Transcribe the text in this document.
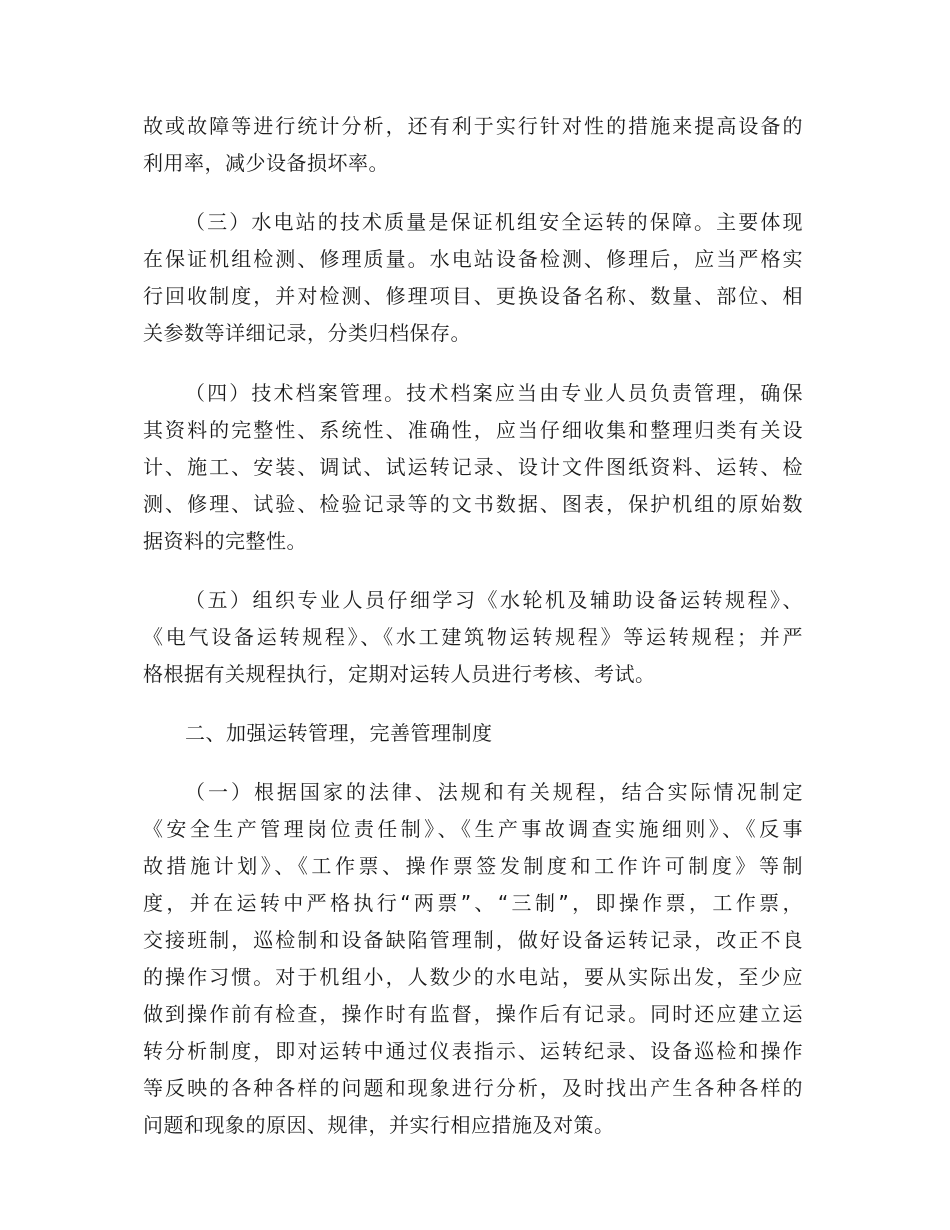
故或故障等进行统计分析，还有利于实行针对性的措施来提高设备的
利用率，减少设备损坏率。
（三）水电站的技术质量是保证机组安全运转的保障。主要体现
在保证机组检测、修理质量。水电站设备检测、修理后，应当严格实
行回收制度，并对检测、修理项目、更换设备名称、数量、部位、相
关参数等详细记录，分类归档保存。
（四）技术档案管理。技术档案应当由专业人员负责管理，确保
其资料的完整性、系统性、准确性，应当仔细收集和整理归类有关设
计、施工、安装、调试、试运转记录、设计文件图纸资料、运转、检
测、修理、试验、检验记录等的文书数据、图表，保护机组的原始数
据资料的完整性。
（五）组织专业人员仔细学习《水轮机及辅助设备运转规程》、
《电气设备运转规程》、《水工建筑物运转规程》等运转规程；并严
格根据有关规程执行，定期对运转人员进行考核、考试。
二、加强运转管理，完善管理制度
（一）根据国家的法律、法规和有关规程，结合实际情况制定
《安全生产管理岗位责任制》、《生产事故调查实施细则》、《反事
故措施计划》、《工作票、操作票签发制度和工作许可制度》等制
度，并在运转中严格执行“两票”、“三制”，即操作票，工作票，
交接班制，巡检制和设备缺陷管理制，做好设备运转记录，改正不良
的操作习惯。对于机组小，人数少的水电站，要从实际出发，至少应
做到操作前有检查，操作时有监督，操作后有记录。同时还应建立运
转分析制度，即对运转中通过仪表指示、运转纪录、设备巡检和操作
等反映的各种各样的问题和现象进行分析，及时找出产生各种各样的
问题和现象的原因、规律，并实行相应措施及对策。
